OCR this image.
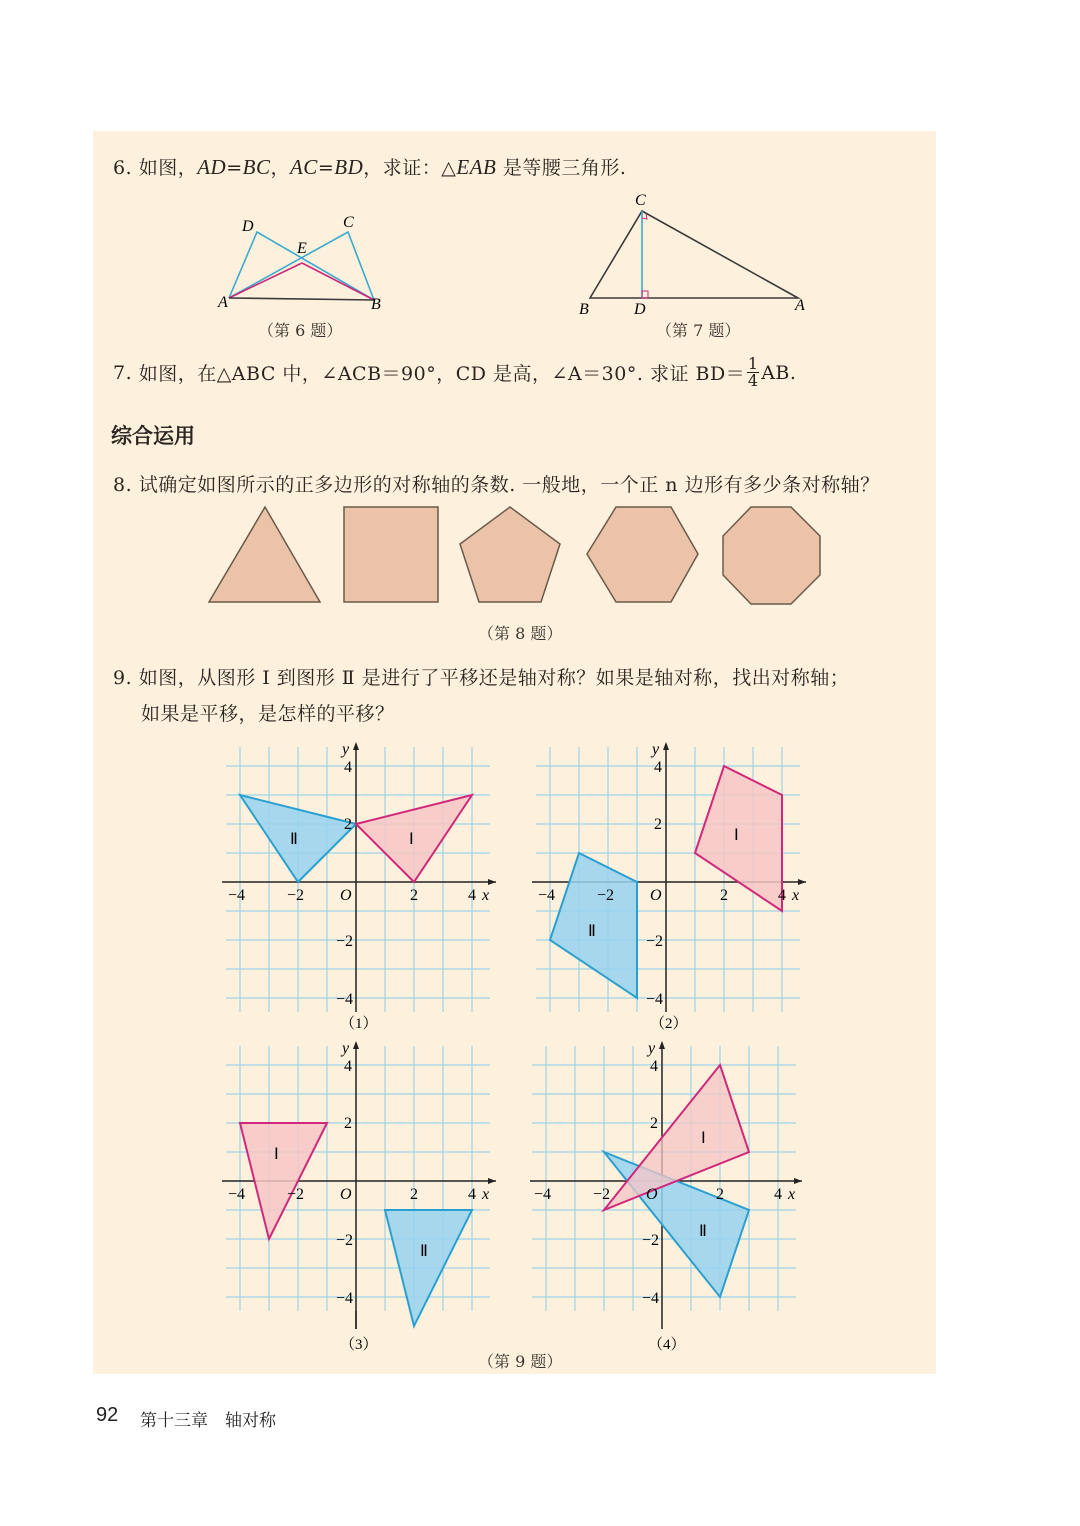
6. 如图，AD=BC，AC=BD，求证：△EAB 是等腰三角形.
A	B
C
D
E
（第 6 题）
B	D	A
C
（第 7 题）
7.
如图，在△ABC 中，∠ACB＝90°，CD 是高，∠A＝30°. 求证 $BD= \frac{1}{4}$ AB.
综合运用
8. 试确定如图所示的正多边形的对称轴的条数. 一般地，一个正 n 边形有多少条对称轴？
（第 8 题）
9. 如图，从图形 Ⅰ 到图形 Ⅱ 是进行了平移还是轴对称？如果是轴对称，找出对称轴；
如果是平移，是怎样的平移？
Ⅱ	Ⅰ
−4	−2	2	4 x
y
O
4
2
−2
−4
（1）
Ⅰ
Ⅱ
−4	−2	2	4 x
y
O
4
2
−2
−4
（2）
Ⅰ
Ⅱ
−4	−2	2	4 x
y
O
4
2
−2
−4
（3）
Ⅰ
Ⅱ
−4	−2	2	4 x
y
O
4
2
−2
−4
（4）
（第 9 题）
92 第十三章　轴对称
